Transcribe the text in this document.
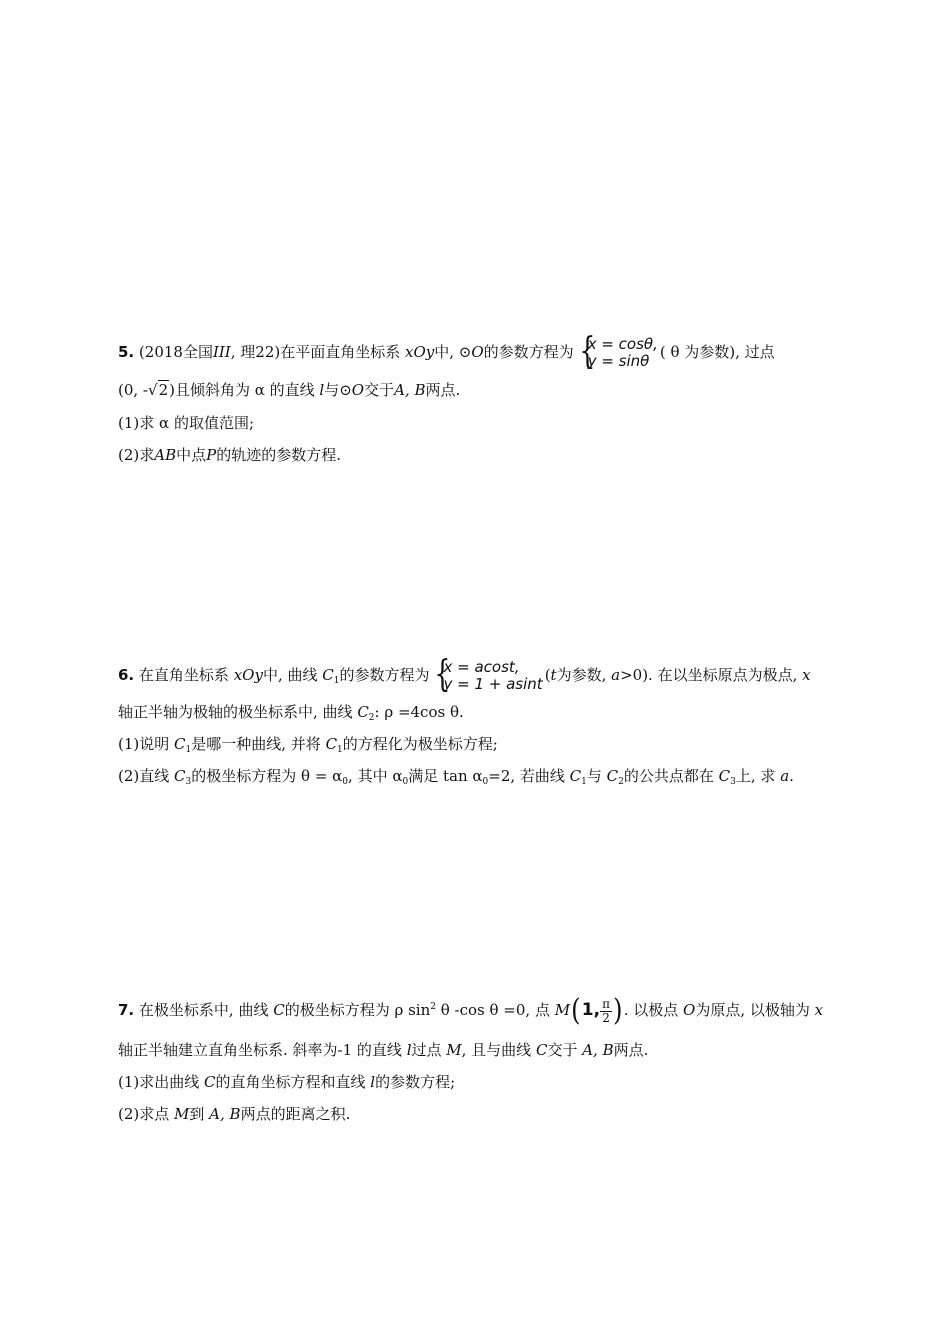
5. (2018全国III, 理22)在平面直角坐标系 xOy中, ⊙O的参数方程为 {
x = cosθ,
y = sinθ ( θ 为参数), 过点
(0, -√2)且倾斜角为 α 的直线 l与⊙O交于A, B两点.
(1)求 α 的取值范围;
(2)求AB中点P的轨迹的参数方程.
6. 在直角坐标系 xOy中, 曲线 $C_1$的参数方程为 {
x = acost,
y = 1 + asint (t为参数, a>0). 在以坐标原点为极点, x
轴正半轴为极轴的极坐标系中, 曲线 $C_2$: ρ =4cos θ.
(1)说明 $C_1$是哪一种曲线, 并将 $C_1$的方程化为极坐标方程;
(2)直线 $C_3$的极坐标方程为 $\theta = \alpha_0$, 其中 $\alpha_0$满足 $\tan \alpha_0=2$, 若曲线 $C_1$与 $C_2$的公共点都在 $C_3$上, 求 a.
7. 在极坐标系中, 曲线 C的极坐标方程为 ρ $\sin^2 \theta$ -cos θ =0, 点 M(1, $\frac{\pi}{2}$ ). 以极点 O为原点, 以极轴为 x
轴正半轴建立直角坐标系. 斜率为-1 的直线 l过点 M, 且与曲线 C交于 A, B两点.
(1)求出曲线 C的直角坐标方程和直线 l的参数方程;
(2)求点 M到 A, B两点的距离之积.
